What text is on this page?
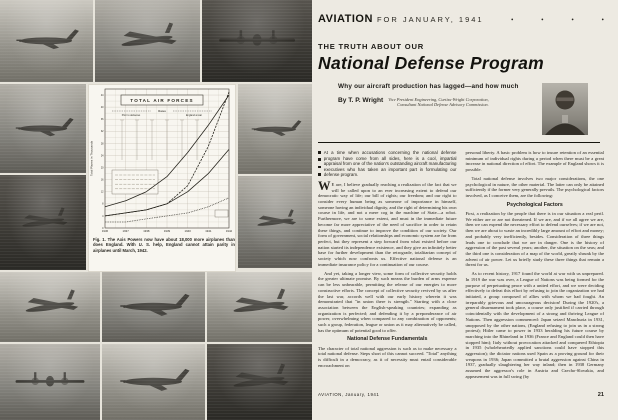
0
4
8
12
16
20
24
28
32
36
40
44
1936	1937	1938	1939	1940	1941	1942
Total Planes in Thousands
TOTAL AIR FORCES
Rates
Prior to deliveries	England at war
Fig. 1. The Axis Powers now have about 18,000 more airplanes than does England. With U. S. help, England cannot attain parity in airplanes until March, 1942.
AVIATION FOR JANUARY, 1941	• • • •
THE TRUTH ABOUT OUR
National Defense Program
Why our aircraft production has lagged—and how much
By T. P. Wright Vice President Engineering, Curtiss-Wright Corporation,
Consultant National Defense Advisory Commission.

At a time when accusations concerning the national defense program have come from all sides, here is a cool, impartial appraisal from one of the nation's outstanding aircraft manufacturing executives who has taken an important part in formulating our defense program.

W E are, I believe gradually reaching a realization of the fact that we will be called upon to an ever increasing extent to defend our democratic way of life; our bill of rights; our freedom; and our right to consider every human being as someone of importance in himself, someone having an individual dignity, and the right of determining his own course in life, and not a mere cog in the machine of State—a robot. Furthermore, we are to some extent, and must in the immediate future become far more appreciative of the need of sacrifice in order to retain these things, and continue to improve the condition of our society. Our form of government, social relationships and economic system are far from perfect, but they represent a step forward from what existed before our nation started its independence existence, and they give an infinitely better base for further development than the retrograde, totalitarian concept of society which now confronts us. Effective national defense is an immediate insurance policy for a continuation of our course.

And yet, taking a longer view, some form of collective security holds the greater ultimate promise. By such means the burden of arms expense can be less unbearable, permitting the release of our energies to more constructive efforts. The concept of collective security revived by us after the last war, accords well with our early history wherein it was demonstrated that "in union there is strength." Starting with a close association between the English-speaking countries; expanding as organization is perfected; and defending it by a preponderance of air power, overwhelming when compared to any combination of opponents; such a group, federation, league or union as it may alternatively be called, has the optimum of potential good to offer.

National Defense Fundamentals

The character of total national aggression is such as to make necessary a total national defense. Steps short of this cannot succeed. "Total" anything is difficult in a democracy, as it of necessity must entail considerable encroachment on

personal liberty. A basic problem is how to insure retention of an essential minimum of individual rights during a period when there must be a great increase in national direction of effort. The example of England shows it is possible.

Total national defense involves two major considerations, the one psychological in nature, the other material. The latter can only be attained sufficiently if the former very generally prevails. The psychological factors involved, as I conceive them, are the following:

Psychological Factors

First, a realization by the people that there is in our situation a real peril. We either are or are not threatened. If we are, and if we all agree we are, then we can expend the necessary effort to defend ourselves; if we are not, then we are about to waste an incredibly large amount of effort and money; and probably very inefficiently, besides. Consideration of three things leads one to conclude that we are in danger. One is the history of aggression of the past several years; another, the situation on the seas; and the third one is consideration of a map of the world, greatly shrunk by the advent of air power. Let us briefly study these three things that remain a threat for us.

As to recent history, 1917 found the world at war with us unprepared. In 1919 the war was over, a League of Nations was being formed for the purpose of perpetuating peace with a united effort, and we were deciding effectively to defeat this effort by refusing to join the organization we had initiated, a group composed of allies with whom we had fought. An irreparably grievous and uncourageous decision! During the 1920's, a general disarmament took place, a course only justified if carried through coincidentally with the development of a strong and thriving League of Nations. Then aggression commenced: Japan seized Manchuria in 1931, unopposed by the other nations, (England refusing to join us in a strong protest); Hitler came to power in 1933 heralding his future course by marching into the Rhineland in 1936 (France and England could then have stopped him); Italy without provocation attacked and conquered Ethiopia in 1935 (wholeheartedly applied sanctions could have stopped this aggression); the dictator nations used Spain as a proving ground for their weapons in 1936; Japan committed a brutal aggression against China in 1937, gradually slaughtering her way inland; then in 1938 Germany assumed the aggressor's role in Austria and Czecho-Slovakia, and appeasement was in full swing (by

AVIATION, January, 1941	21
